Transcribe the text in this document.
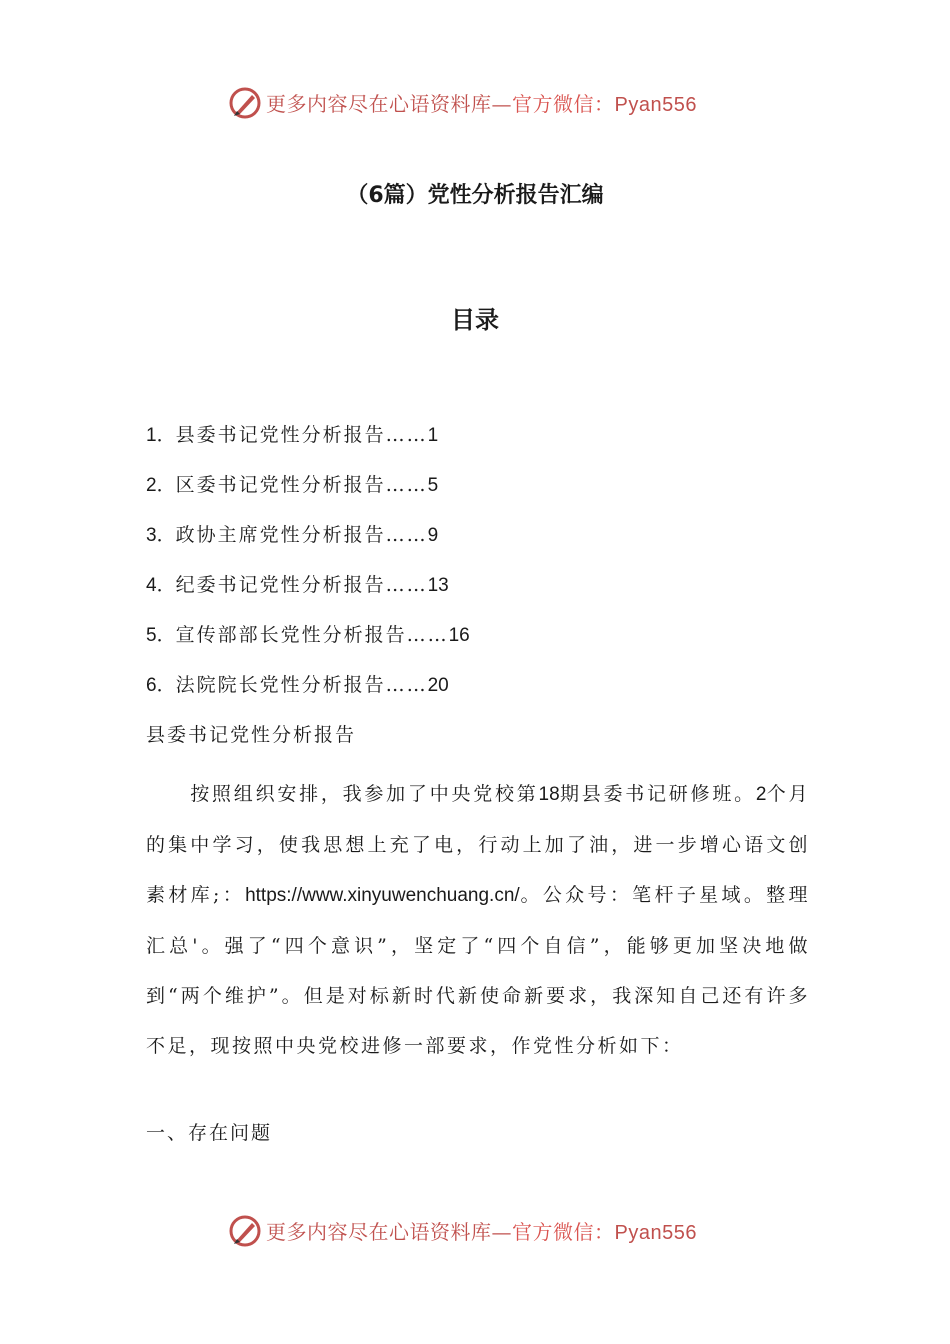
更多内容尽在心语资料库—官方微信：Pyan556
（6篇）党性分析报告汇编
目录
1．县委书记党性分析报告……1
2．区委书记党性分析报告……5
3．政协主席党性分析报告……9
4．纪委书记党性分析报告……13
5．宣传部部长党性分析报告……16
6．法院院长党性分析报告……20
县委书记党性分析报告

按照组织安排，我参加了中央党校第18期县委书记研修班。2个月的集中学习，使我思想上充了电，行动上加了油，进一步增心语文创素材库;：https://www.xinyuwenchuang.cn/。公众号：笔杆子星域。整理汇总'。强了“四个意识”，坚定了“四个自信”，能够更加坚决地做到“两个维护”。但是对标新时代新使命新要求，我深知自己还有许多不足，现按照中央党校进修一部要求，作党性分析如下：

一、存在问题
更多内容尽在心语资料库—官方微信：Pyan556
